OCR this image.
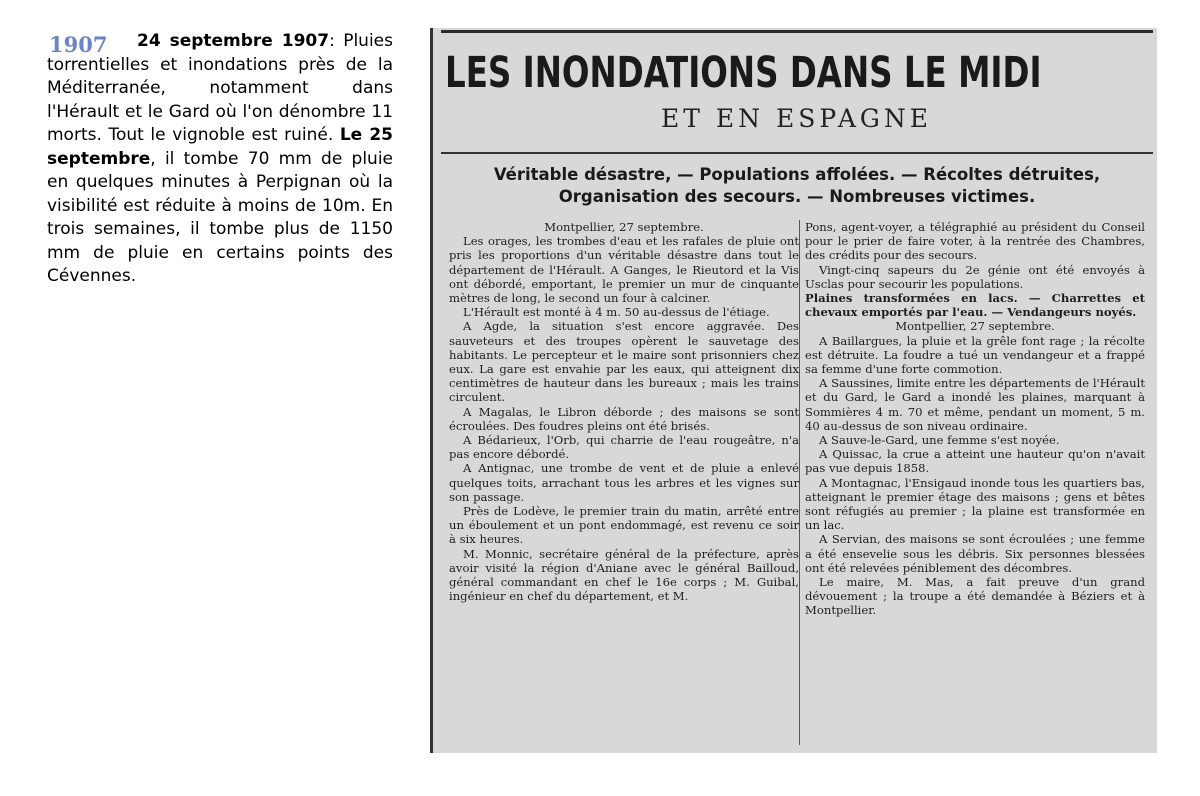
1907	24 septembre 1907: Pluies torrentielles et inondations près de la Méditerranée, notamment dans l'Hérault et le Gard où l'on dénombre 11 morts. Tout le vignoble est ruiné. Le 25 septembre, il tombe 70 mm de pluie en quelques minutes à Perpignan où la visibilité est réduite à moins de 10m. En trois semaines, il tombe plus de 1150 mm de pluie en certains points des Cévennes.

LES INONDATIONS DANS LE MIDI
ET EN ESPAGNE
Véritable désastre, — Populations affolées. — Récoltes détruites,
Organisation des secours. — Nombreuses victimes.

Montpellier, 27 septembre.

Les orages, les trombes d'eau et les rafales de pluie ont pris les proportions d'un véritable désastre dans tout le département de l'Hérault. A Ganges, le Rieutord et la Vis ont débordé, emportant, le premier un mur de cinquante mètres de long, le second un four à calciner.

L'Hérault est monté à 4 m. 50 au-dessus de l'étiage.

A Agde, la situation s'est encore aggravée. Des sauveteurs et des troupes opèrent le sauvetage des habitants. Le percepteur et le maire sont prisonniers chez eux. La gare est envahie par les eaux, qui atteignent dix centimètres de hauteur dans les bureaux ; mais les trains circulent.

A Magalas, le Libron déborde ; des maisons se sont écroulées. Des foudres pleins ont été brisés.

A Bédarieux, l'Orb, qui charrie de l'eau rougeâtre, n'a pas encore débordé.

A Antignac, une trombe de vent et de pluie a enlevé quelques toits, arrachant tous les arbres et les vignes sur son passage.

Près de Lodève, le premier train du matin, arrêté entre un éboulement et un pont endommagé, est revenu ce soir à six heures.

M. Monnic, secrétaire général de la préfecture, après avoir visité la région d'Aniane avec le général Bailloud, général commandant en chef le 16e corps ; M. Guibal, ingénieur en chef du département, et M.

Pons, agent-voyer, a télégraphié au président du Conseil pour le prier de faire voter, à la rentrée des Chambres, des crédits pour des secours.

Vingt-cinq sapeurs du 2e génie ont été envoyés à Usclas pour secourir les populations.

Plaines transformées en lacs. — Charrettes et chevaux emportés par l'eau. — Vendangeurs noyés.

Montpellier, 27 septembre.

A Baillargues, la pluie et la grêle font rage ; la récolte est détruite. La foudre a tué un vendangeur et a frappé sa femme d'une forte commotion.

A Saussines, limite entre les départements de l'Hérault et du Gard, le Gard a inondé les plaines, marquant à Sommières 4 m. 70 et même, pendant un moment, 5 m. 40 au-dessus de son niveau ordinaire.

A Sauve-le-Gard, une femme s'est noyée.

A Quissac, la crue a atteint une hauteur qu'on n'avait pas vue depuis 1858.

A Montagnac, l'Ensigaud inonde tous les quartiers bas, atteignant le premier étage des maisons ; gens et bêtes sont réfugiés au premier ; la plaine est transformée en un lac.

A Servian, des maisons se sont écroulées ; une femme a été ensevelie sous les débris. Six personnes blessées ont été relevées péniblement des décombres.

Le maire, M. Mas, a fait preuve d'un grand dévouement ; la troupe a été demandée à Béziers et à Montpellier.
